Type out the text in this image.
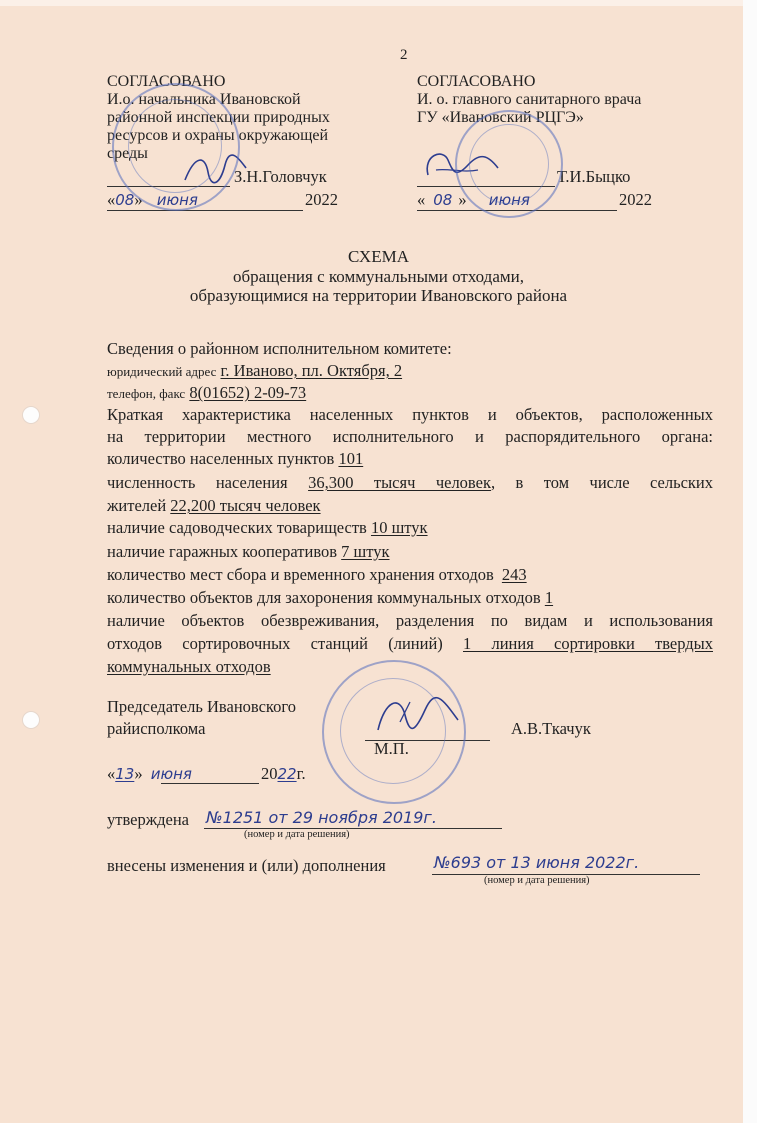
2
СОГЛАСОВАНО
И.о. начальника Ивановской
районной инспекции природных
ресурсов и охраны окружающей
среды
З.Н.Головчук
«08» июня	2022
СОГЛАСОВАНО
И. о. главного санитарного врача
ГУ «Ивановский РЦГЭ»
Т.И.Быцко
« 08 » июня	2022
СХЕМА
обращения с коммунальными отходами,
образующимися на территории Ивановского района
Сведения о районном исполнительном комитете:
юридический адрес г. Иваново, пл. Октября, 2
телефон, факс 8(01652) 2-09-73
Краткая характеристика населенных пунктов и объектов, расположенных
на территории местного исполнительного и распорядительного органа:
количество населенных пунктов 101
численность населения 36,300 тысяч человек, в том числе сельских
жителей 22,200 тысяч человек
наличие садоводческих товариществ 10 штук
наличие гаражных кооперативов 7 штук
количество мест сбора и временного хранения отходов 243
количество объектов для захоронения коммунальных отходов 1
наличие объектов обезвреживания, разделения по видам и использования
отходов сортировочных станций (линий) 1 линия сортировки твердых
коммунальных отходов
Председатель Ивановского
райисполкома	А.В.Ткачук
М.П.
«13» июня	2022г.
утверждена №1251 от 29 ноября 2019г.
(номер и дата решения)
внесены изменения и (или) дополнения	№693 от 13 июня 2022г.
(номер и дата решения)
